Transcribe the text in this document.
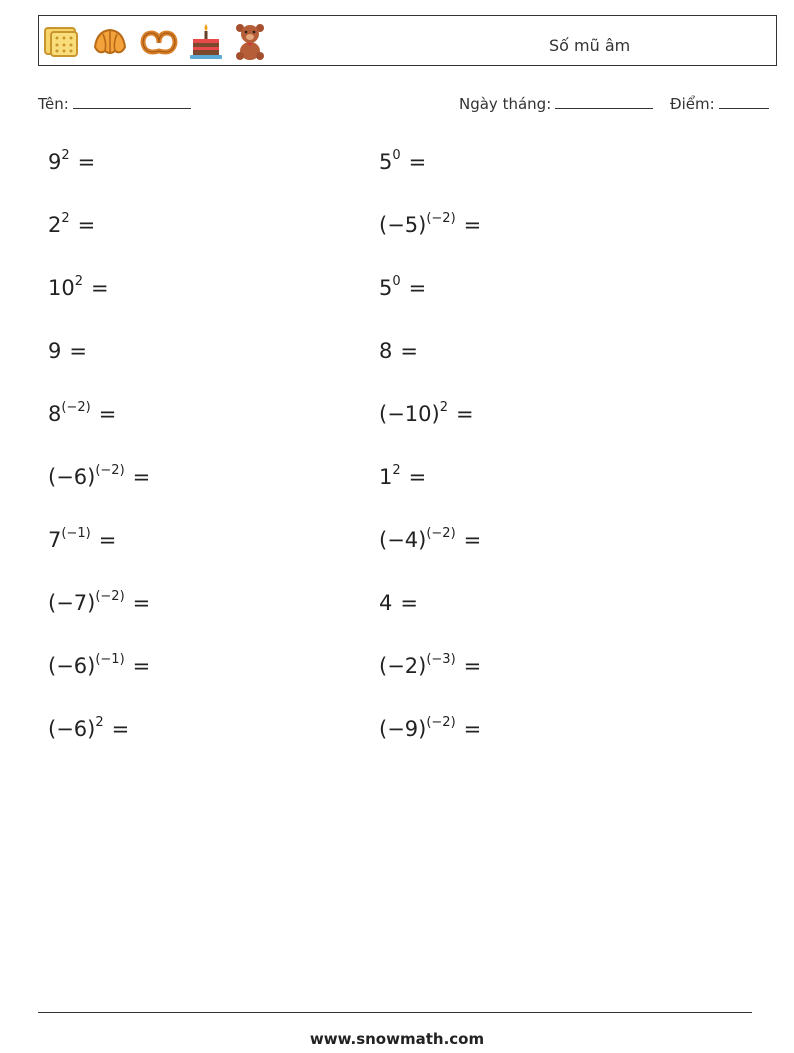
Số mũ âm
Tên:	Ngày tháng:	Điểm:
$9^2$ =
$2^2$ =
$10^2$ =
9 =
$8^{(-2)}$ =
$(-6)^{(-2)}$ =
$7^{(-1)}$ =
$(-7)^{(-2)}$ =
$(-6)^{(-1)}$ =
$(-6)^2$ =
$5^0$ =
$(-5)^{(-2)}$ =
$5^0$ =
8 =
$(-10)^2$ =
$1^2$ =
$(-4)^{(-2)}$ =
4 =
$(-2)^{(-3)}$ =
$(-9)^{(-2)}$ =
www.snowmath.com
